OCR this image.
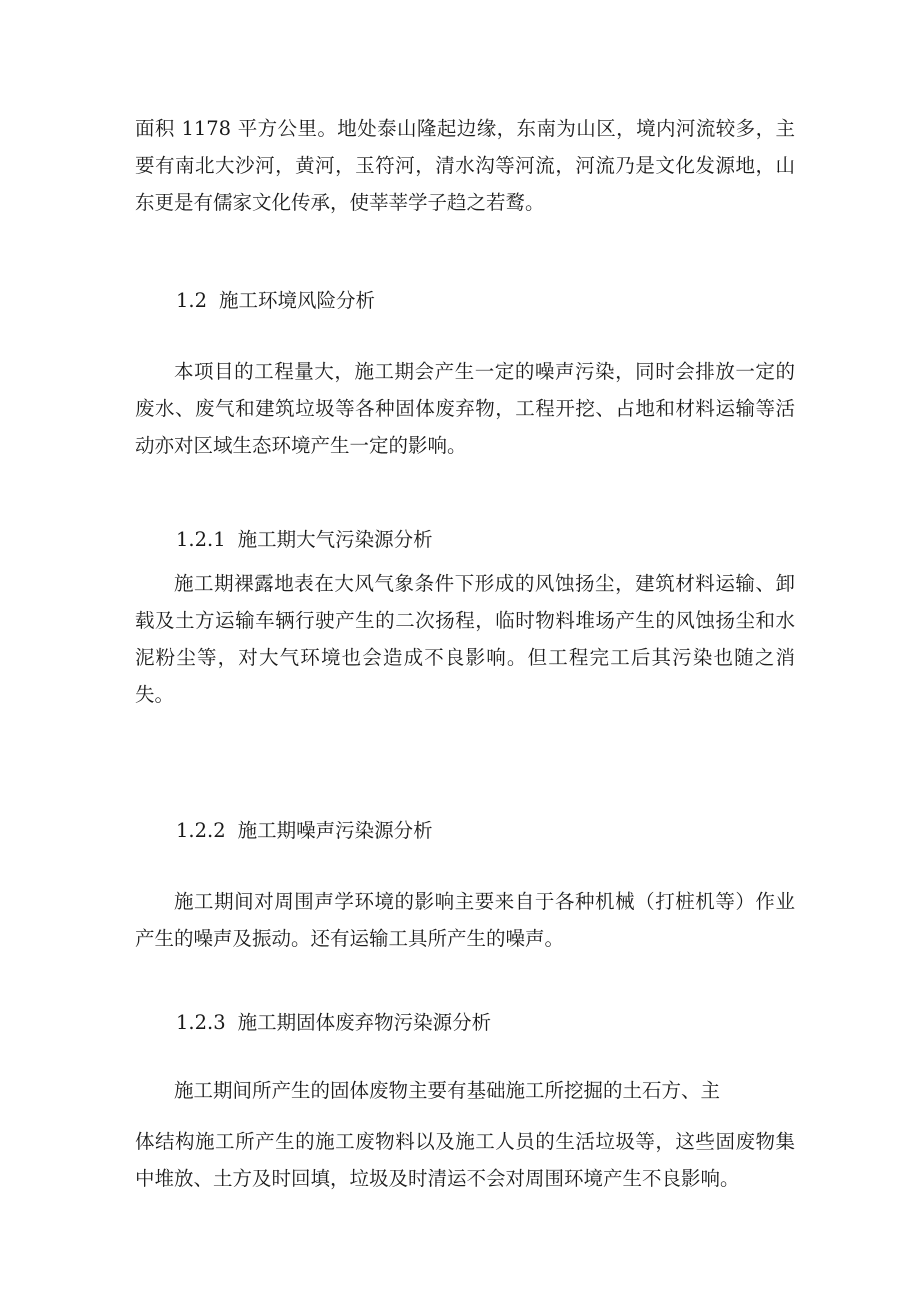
面积 1178 平方公里。地处泰山隆起边缘，东南为山区，境内河流较多，主要有南北大沙河，黄河，玉符河，清水沟等河流，河流乃是文化发源地，山东更是有儒家文化传承，使莘莘学子趋之若鹜。

1.2 施工环境风险分析

本项目的工程量大，施工期会产生一定的噪声污染，同时会排放一定的废水、废气和建筑垃圾等各种固体废弃物，工程开挖、占地和材料运输等活动亦对区域生态环境产生一定的影响。

1.2.1 施工期大气污染源分析

施工期裸露地表在大风气象条件下形成的风蚀扬尘，建筑材料运输、卸载及土方运输车辆行驶产生的二次扬程，临时物料堆场产生的风蚀扬尘和水泥粉尘等，对大气环境也会造成不良影响。但工程完工后其污染也随之消失。

1.2.2 施工期噪声污染源分析

施工期间对周围声学环境的影响主要来自于各种机械（打桩机等）作业产生的噪声及振动。还有运输工具所产生的噪声。

1.2.3 施工期固体废弃物污染源分析

施工期间所产生的固体废物主要有基础施工所挖掘的土石方、主

体结构施工所产生的施工废物料以及施工人员的生活垃圾等，这些固废物集中堆放、土方及时回填，垃圾及时清运不会对周围环境产生不良影响。
